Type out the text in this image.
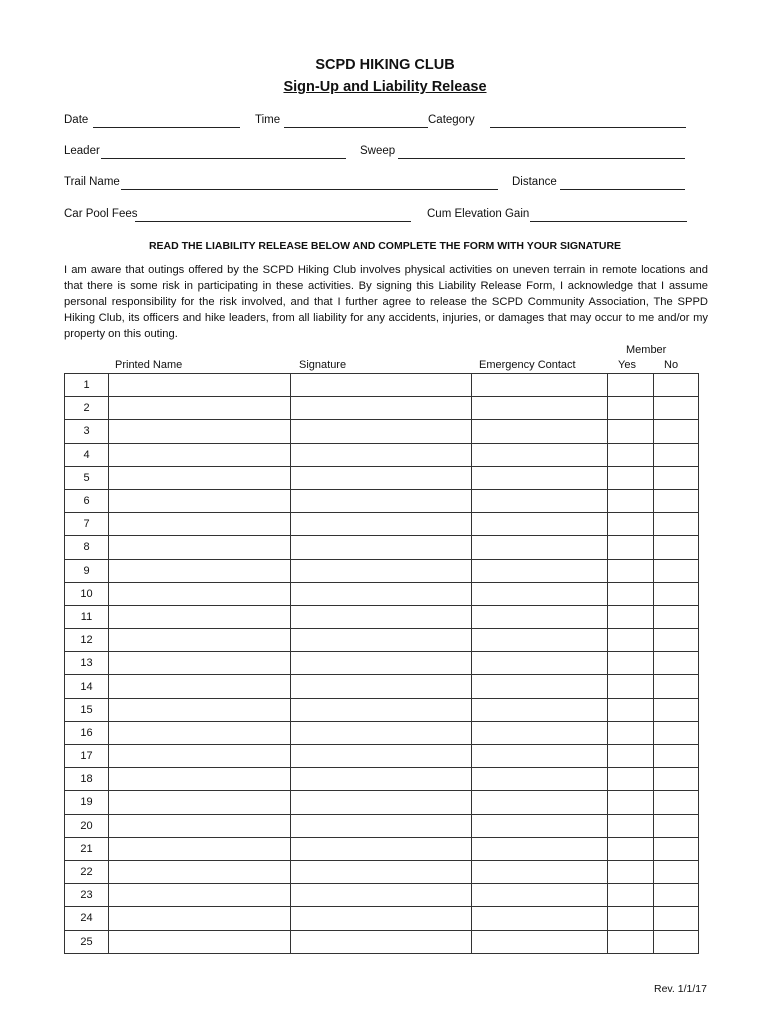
SCPD HIKING CLUB
Sign-Up and Liability Release
Date	Time	Category
Leader	Sweep
Trail Name	Distance
Car Pool Fees	Cum Elevation Gain
READ THE LIABILITY RELEASE BELOW AND COMPLETE THE FORM WITH YOUR SIGNATURE
I am aware that outings offered by the SCPD Hiking Club involves physical activities on uneven terrain in remote locations and that there is some risk in participating in these activities. By signing this Liability Release Form, I acknowledge that I assume personal responsibility for the risk involved, and that I further agree to release the SCPD Community Association, The SPPD Hiking Club, its officers and hike leaders, from all liability for any accidents, injuries, or damages that may occur to me and/or my property on this outing.
Member
Printed Name	Signature	Emergency Contact	Yes	No
1					
2					
3					
4					
5					
6					
7					
8					
9					
10					
11					
12					
13					
14					
15					
16					
17					
18					
19					
20					
21					
22					
23					
24					
25					
Rev. 1/1/17
